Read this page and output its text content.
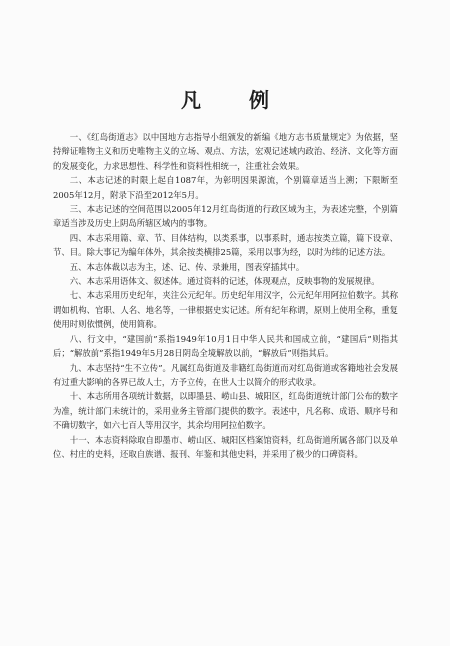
凡　例

一、《红岛街道志》以中国地方志指导小组颁发的新编《地方志书质量规定》为依据，坚持辩证唯物主义和历史唯物主义的立场、观点、方法，宏观记述域内政治、经济、文化等方面的发展变化，力求思想性、科学性和资料性相统一，注重社会效果。

二、本志记述的时限上起自1087年，为彰明因果源流，个别篇章适当上溯；下限断至2005年12月，附录下沿至2012年5月。

三、本志记述的空间范围以2005年12月红岛街道的行政区域为主，为表述完整，个别篇章适当涉及历史上阴岛所辖区域内的事物。

四、本志采用篇、章、节、目体结构，以类系事，以事系时，通志按类立篇，篇下设章、节、目。除大事记为编年体外，其余按类横排25篇，采用以事为经，以时为纬的记述方法。

五、本志体裁以志为主，述、记、传、录兼用，图表穿插其中。

六、本志采用语体文、叙述体。通过资料的记述，体现观点，反映事物的发展规律。

七、本志采用历史纪年，夹注公元纪年。历史纪年用汉字，公元纪年用阿拉伯数字。其称谓如机构、官职、人名、地名等，一律根据史实记述。所有纪年称谓，原则上使用全称，重复使用时则依惯例，使用简称。

八、行文中，“建国前”系指1949年10月1日中华人民共和国成立前，“建国后”则指其后；“解放前”系指1949年5月28日阴岛全境解放以前，“解放后”则指其后。

九、本志坚持“生不立传”。凡属红岛街道及非籍红岛街道而对红岛街道或客籍地社会发展有过重大影响的各界已故人士，方予立传，在世人士以简介的形式收录。

十、本志所用各项统计数据，以即墨县、崂山县、城阳区，红岛街道统计部门公布的数字为准，统计部门未统计的，采用业务主管部门提供的数字。表述中，凡名称、成语、顺序号和不确切数字，如六七百人等用汉字，其余均用阿拉伯数字。

十一、本志资料除取自即墨市、崂山区、城阳区档案馆资料，红岛街道所属各部门以及单位、村庄的史料，还取自族谱、报刊、年鉴和其他史料，并采用了极少的口碑资料。
